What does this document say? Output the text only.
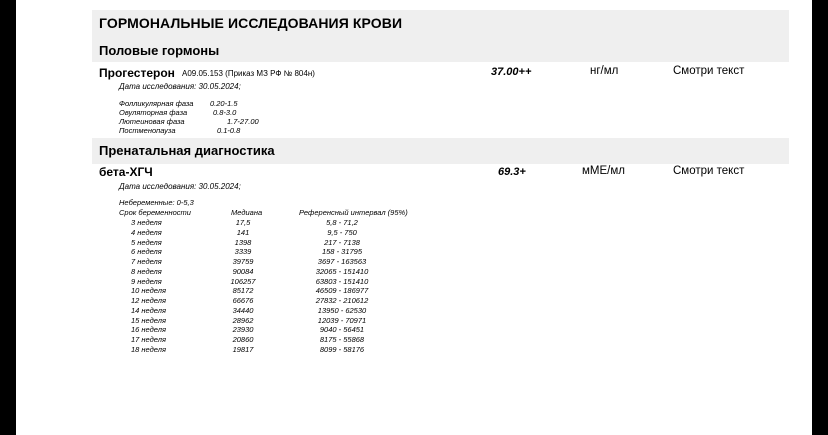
ГОРМОНАЛЬНЫЕ ИССЛЕДОВАНИЯ КРОВИ
Половые гормоны
Прогестерон A09.05.153 (Приказ МЗ РФ № 804н)	37.00++	нг/мл	Смотри текст
Дата исследования: 30.05.2024;
Фолликулярная фаза 0.20-1.5
Овуляторная фаза	0.8-3.0
Лютеиновая фаза	1.7-27.00
Постменопауза	0.1-0.8
Пренатальная диагностика
бета-ХГЧ	69.3+	мМЕ/мл	Смотри текст
Дата исследования: 30.05.2024;
Небеременные: 0-5,3
Срок беременности	Медиана	Референсный интервал (95%)
3 неделя	17,5	5,8 - 71,2
4 неделя	141	9,5 - 750
5 неделя	1398	217 - 7138
6 неделя	3339	158 - 31795
7 неделя	39759	3697 - 163563
8 неделя	90084	32065 - 151410
9 неделя	106257	63803 - 151410
10 неделя	85172	46509 - 186977
12 неделя	66676	27832 - 210612
14 неделя	34440	13950 - 62530
15 неделя	28962	12039 - 70971
16 неделя	23930	9040 - 56451
17 неделя	20860	8175 - 55868
18 неделя	19817	8099 - 58176
